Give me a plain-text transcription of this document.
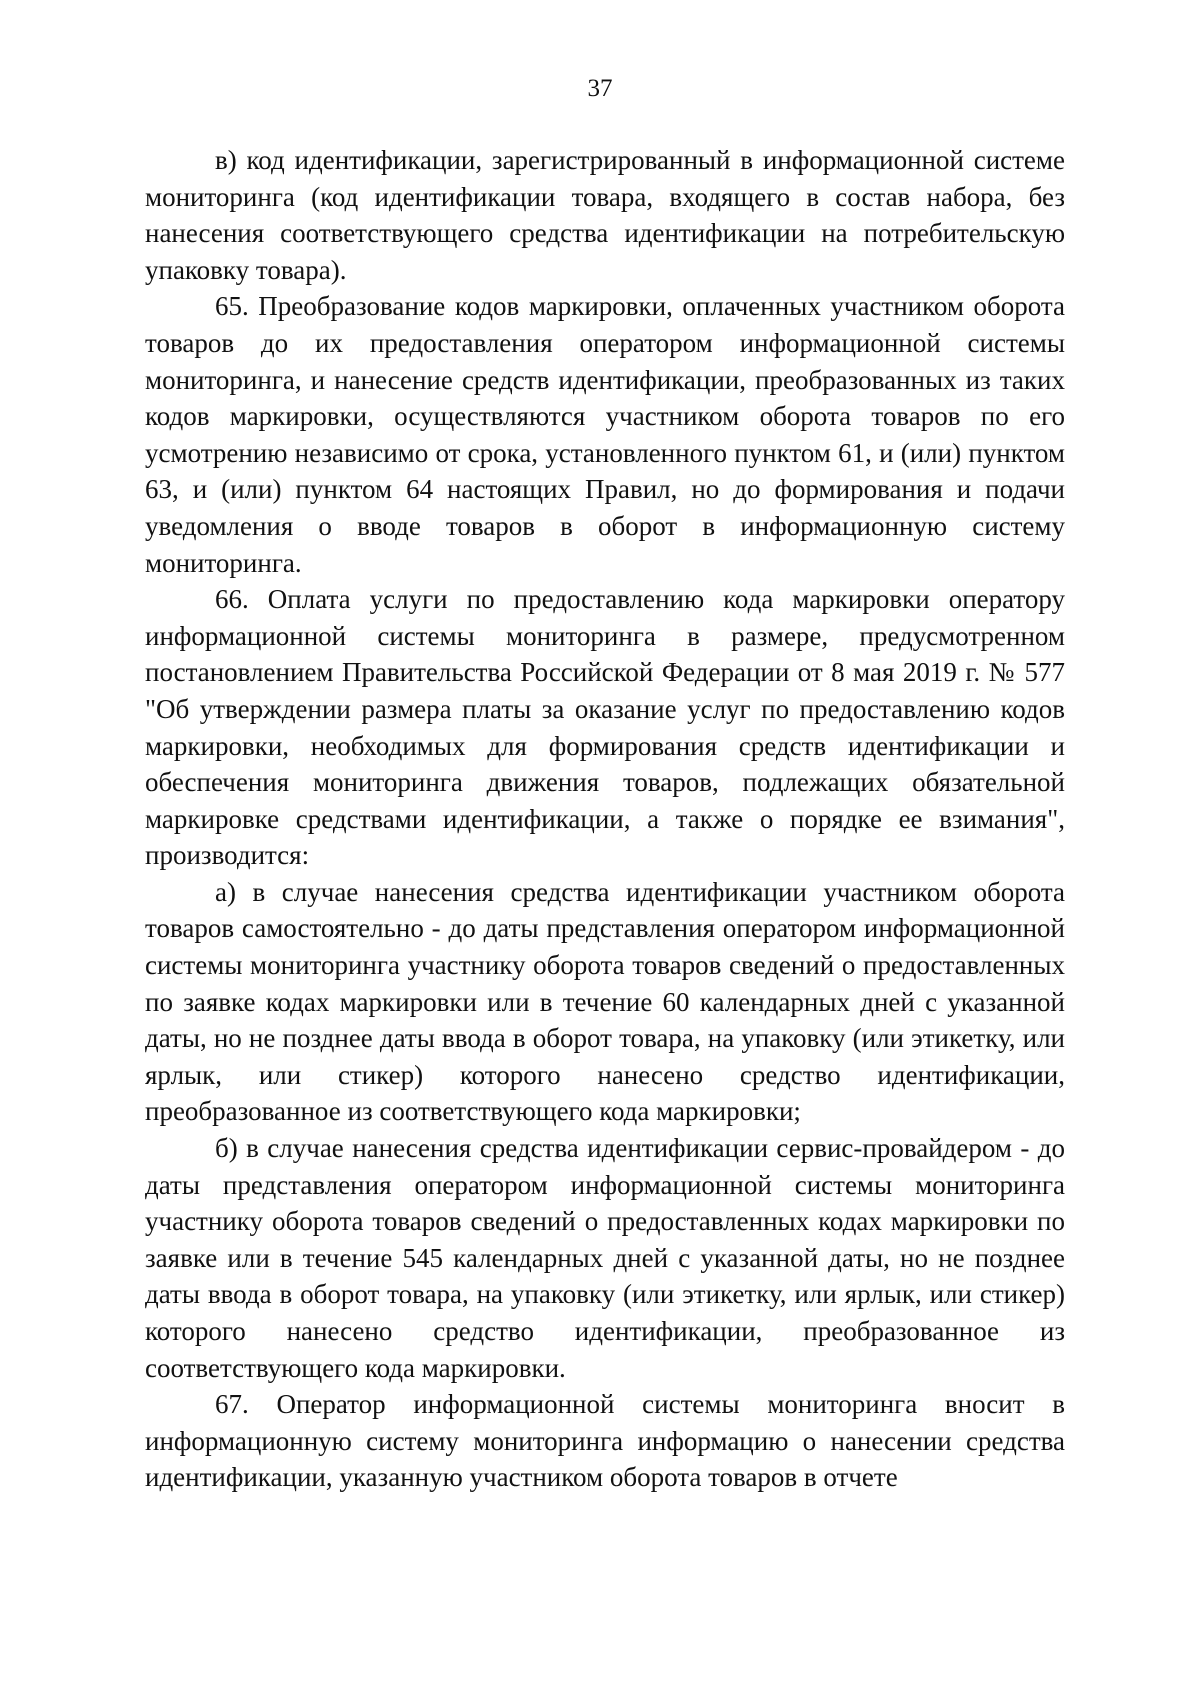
37

в) код идентификации, зарегистрированный в информационной системе мониторинга (код идентификации товара, входящего в состав набора, без нанесения соответствующего средства идентификации на потребительскую упаковку товара).

65. Преобразование кодов маркировки, оплаченных участником оборота товаров до их предоставления оператором информационной системы мониторинга, и нанесение средств идентификации, преобразованных из таких кодов маркировки, осуществляются участником оборота товаров по его усмотрению независимо от срока, установленного пунктом 61, и (или) пунктом 63, и (или) пунктом 64 настоящих Правил, но до формирования и подачи уведомления о вводе товаров в оборот в информационную систему мониторинга.

66. Оплата услуги по предоставлению кода маркировки оператору информационной системы мониторинга в размере, предусмотренном постановлением Правительства Российской Федерации от 8 мая 2019 г. № 577 "Об утверждении размера платы за оказание услуг по предоставлению кодов маркировки, необходимых для формирования средств идентификации и обеспечения мониторинга движения товаров, подлежащих обязательной маркировке средствами идентификации, а также о порядке ее взимания", производится:

а) в случае нанесения средства идентификации участником оборота товаров самостоятельно - до даты представления оператором информационной системы мониторинга участнику оборота товаров сведений о предоставленных по заявке кодах маркировки или в течение 60 календарных дней с указанной даты, но не позднее даты ввода в оборот товара, на упаковку (или этикетку, или ярлык, или стикер) которого нанесено средство идентификации, преобразованное из соответствующего кода маркировки;

б) в случае нанесения средства идентификации сервис-провайдером - до даты представления оператором информационной системы мониторинга участнику оборота товаров сведений о предоставленных кодах маркировки по заявке или в течение 545 календарных дней с указанной даты, но не позднее даты ввода в оборот товара, на упаковку (или этикетку, или ярлык, или стикер) которого нанесено средство идентификации, преобразованное из соответствующего кода маркировки.

67. Оператор информационной системы мониторинга вносит в информационную систему мониторинга информацию о нанесении средства идентификации, указанную участником оборота товаров в отчете
